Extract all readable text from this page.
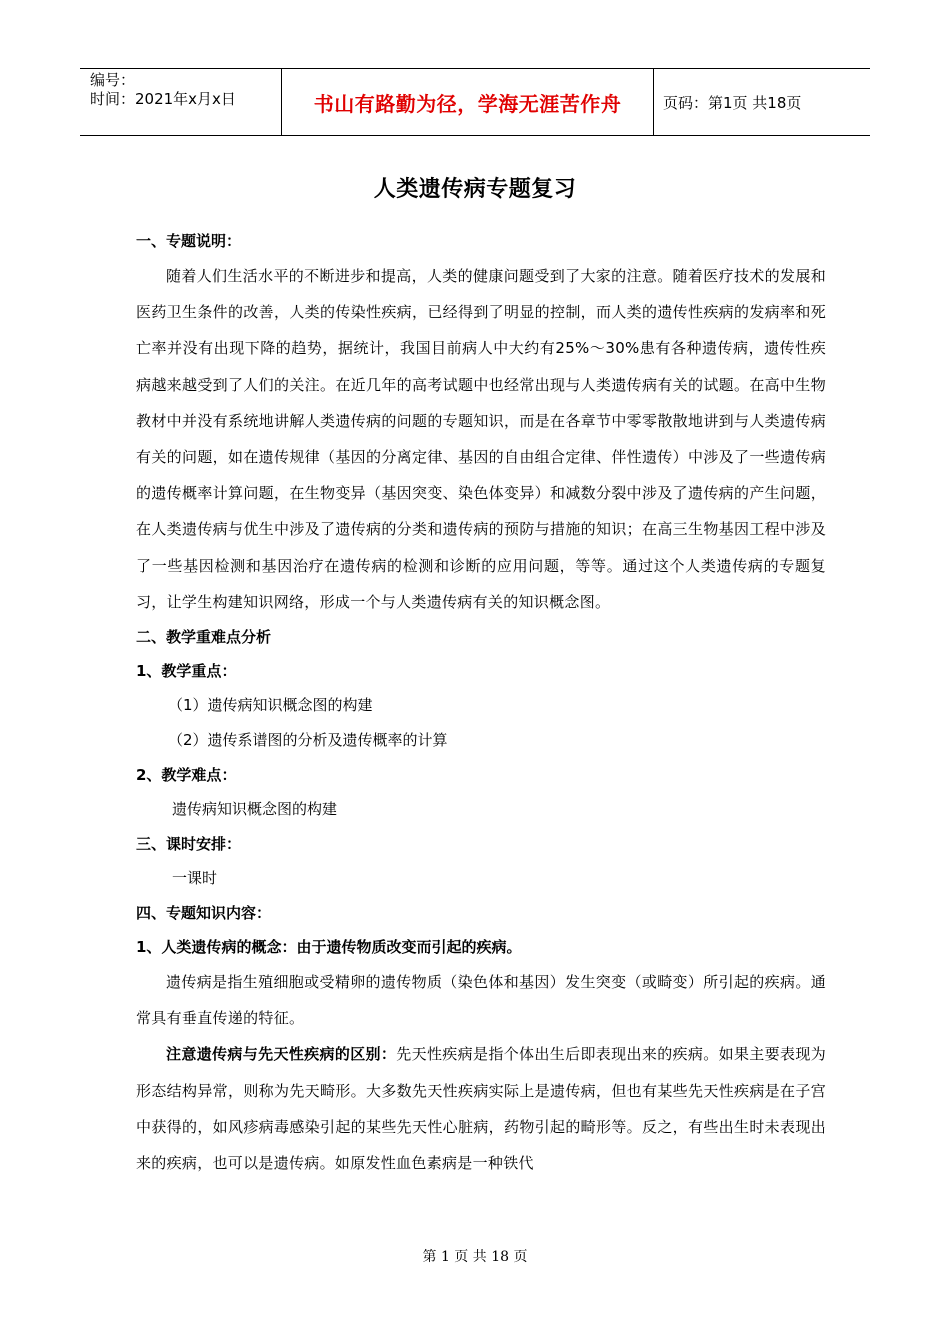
编号：
时间：2021年x月x日	书山有路勤为径，学海无涯苦作舟	页码：第1页 共18页
人类遗传病专题复习
一、专题说明：

随着人们生活水平的不断进步和提高，人类的健康问题受到了大家的注意。随着医疗技术的发展和医药卫生条件的改善，人类的传染性疾病，已经得到了明显的控制，而人类的遗传性疾病的发病率和死亡率并没有出现下降的趋势，据统计，我国目前病人中大约有25%～30%患有各种遗传病，遗传性疾病越来越受到了人们的关注。在近几年的高考试题中也经常出现与人类遗传病有关的试题。在高中生物教材中并没有系统地讲解人类遗传病的问题的专题知识，而是在各章节中零零散散地讲到与人类遗传病有关的问题，如在遗传规律（基因的分离定律、基因的自由组合定律、伴性遗传）中涉及了一些遗传病的遗传概率计算问题，在生物变异（基因突变、染色体变异）和减数分裂中涉及了遗传病的产生问题，在人类遗传病与优生中涉及了遗传病的分类和遗传病的预防与措施的知识；在高三生物基因工程中涉及了一些基因检测和基因治疗在遗传病的检测和诊断的应用问题，等等。通过这个人类遗传病的专题复习，让学生构建知识网络，形成一个与人类遗传病有关的知识概念图。

二、教学重难点分析
1、教学重点：
（1）遗传病知识概念图的构建
（2）遗传系谱图的分析及遗传概率的计算
2、教学难点：
遗传病知识概念图的构建
三、课时安排：
一课时
四、专题知识内容：
1、人类遗传病的概念：由于遗传物质改变而引起的疾病。

遗传病是指生殖细胞或受精卵的遗传物质（染色体和基因）发生突变（或畸变）所引起的疾病。通常具有垂直传递的特征。

注意遗传病与先天性疾病的区别：先天性疾病是指个体出生后即表现出来的疾病。如果主要表现为形态结构异常，则称为先天畸形。大多数先天性疾病实际上是遗传病，但也有某些先天性疾病是在子宫中获得的，如风疹病毒感染引起的某些先天性心脏病，药物引起的畸形等。反之，有些出生时未表现出来的疾病，也可以是遗传病。如原发性血色素病是一种铁代

第 1 页 共 18 页
